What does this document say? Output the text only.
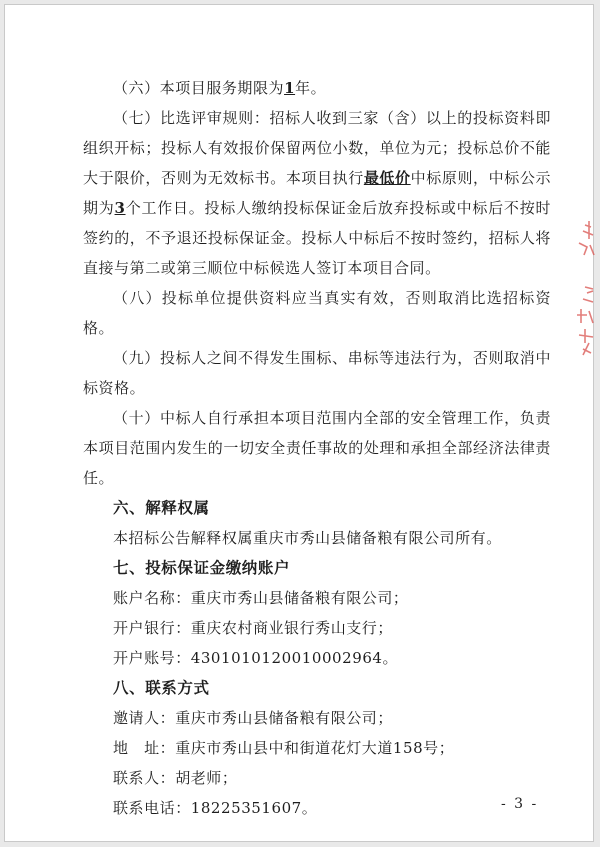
（六）本项目服务期限为1年。

（七）比选评审规则：招标人收到三家（含）以上的投标资料即组织开标；投标人有效报价保留两位小数，单位为元；投标总价不能大于限价，否则为无效标书。本项目执行最低价中标原则，中标公示期为3个工作日。投标人缴纳投标保证金后放弃投标或中标后不按时签约的，不予退还投标保证金。投标人中标后不按时签约，招标人将直接与第二或第三顺位中标候选人签订本项目合同。

（八）投标单位提供资料应当真实有效，否则取消比选招标资格。

（九）投标人之间不得发生围标、串标等违法行为，否则取消中标资格。

（十）中标人自行承担本项目范围内全部的安全管理工作，负责本项目范围内发生的一切安全责任事故的处理和承担全部经济法律责任。

六、解释权属

本招标公告解释权属重庆市秀山县储备粮有限公司所有。

七、投标保证金缴纳账户

账户名称：重庆市秀山县储备粮有限公司；

开户银行：重庆农村商业银行秀山支行；

开户账号：4301010120010002964。

八、联系方式

邀请人：重庆市秀山县储备粮有限公司；

地　址：重庆市秀山县中和街道花灯大道158号；

联系人：胡老师；

联系电话：18225351607。	- 3 -
